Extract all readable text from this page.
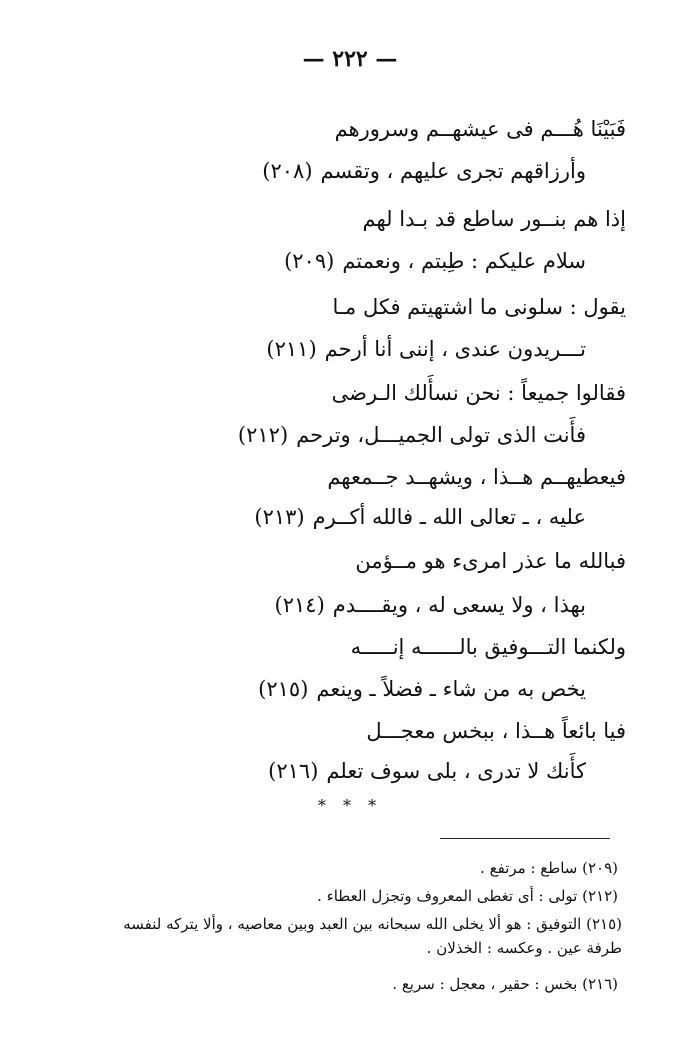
— ٢٢٢ —
فَبَيْنَا هُـــم فى عيشهــم وسرورهم
وأرزاقهم تجرى عليهم ، وتقسم(٢٠٨)
إذا هم بنــور ساطع قد بـدا لهم
سلام عليكم : طِبتم ، ونعمتم(٢٠٩)
يقول : سلونى ما اشتهيتم فكل مـا
تـــريدون عندى ، إننى أنا أرحم(٢١١)
فقالوا جميعاً : نحن نسأَلك الـرضى
فأَنت الذى تولى الجميـــل، وترحم(٢١٢)
فيعطيهــم هــذا ، ويشهــد جــمعهم
عليه ، ـ تعالى الله ـ فالله أكــرم(٢١٣)
فبالله ما عذر امرىء هو مــؤمن
بهذا ، ولا يسعى له ، ويقــــدم(٢١٤)
ولكنما التـــوفيق بالــــــه إنـــــه
يخص به من شاء ـ فضلاً ـ وينعم(٢١٥)
فيا بائعاً هــذا ، ببخس معجـــل
كأَنك لا تدرى ، بلى سوف تعلم(٢١٦)
* * *
(٢٠٩) ساطع : مرتفع .
(٢١٢) تولى : أى تغطى المعروف وتجزل العطاء .
(٢١٥) التوفيق : هو ألا يخلى الله سبحانه بين العبد وبين معاصيه ، وألا يتركه لنفسه طرفة عين . وعكسه : الخذلان .
(٢١٦) بخس : حقير ، معجل : سريع .
